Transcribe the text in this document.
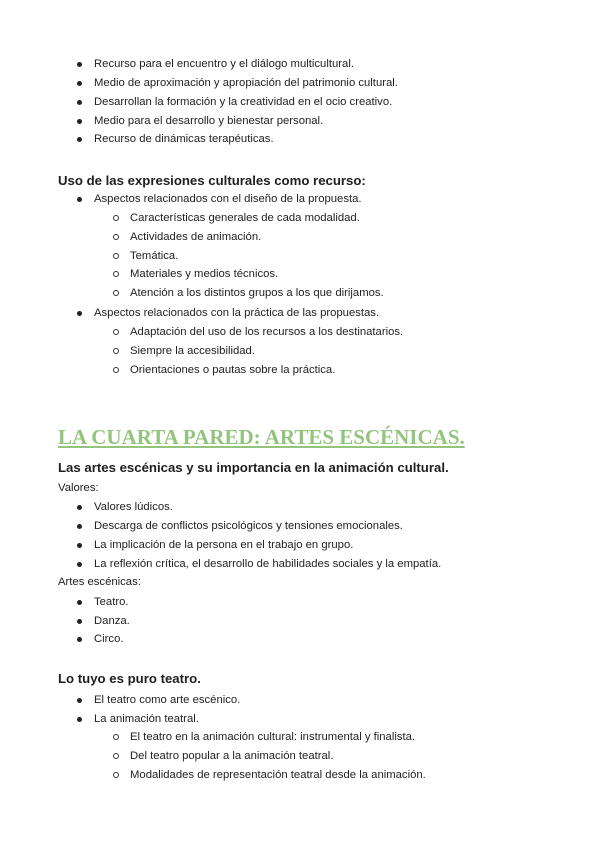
Recurso para el encuentro y el diálogo multicultural.
Medio de aproximación y apropiación del patrimonio cultural.
Desarrollan la formación y la creatividad en el ocio creativo.
Medio para el desarrollo y bienestar personal.
Recurso de dinámicas terapéuticas.
Uso de las expresiones culturales como recurso:
Aspectos relacionados con el diseño de la propuesta.
Características generales de cada modalidad.
Actividades de animación.
Temática.
Materiales y medios técnicos.
Atención a los distintos grupos a los que dirijamos.
Aspectos relacionados con la práctica de las propuestas.
Adaptación del uso de los recursos a los destinatarios.
Siempre la accesibilidad.
Orientaciones o pautas sobre la práctica.
LA CUARTA PARED: ARTES ESCÉNICAS.
Las artes escénicas y su importancia en la animación cultural.
Valores:
Valores lúdicos.
Descarga de conflictos psicológicos y tensiones emocionales.
La implicación de la persona en el trabajo en grupo.
La reflexión crítica, el desarrollo de habilidades sociales y la empatía.
Artes escénicas:
Teatro.
Danza.
Circo.
Lo tuyo es puro teatro.
El teatro como arte escénico.
La animación teatral.
El teatro en la animación cultural: instrumental y finalista.
Del teatro popular a la animación teatral.
Modalidades de representación teatral desde la animación.
